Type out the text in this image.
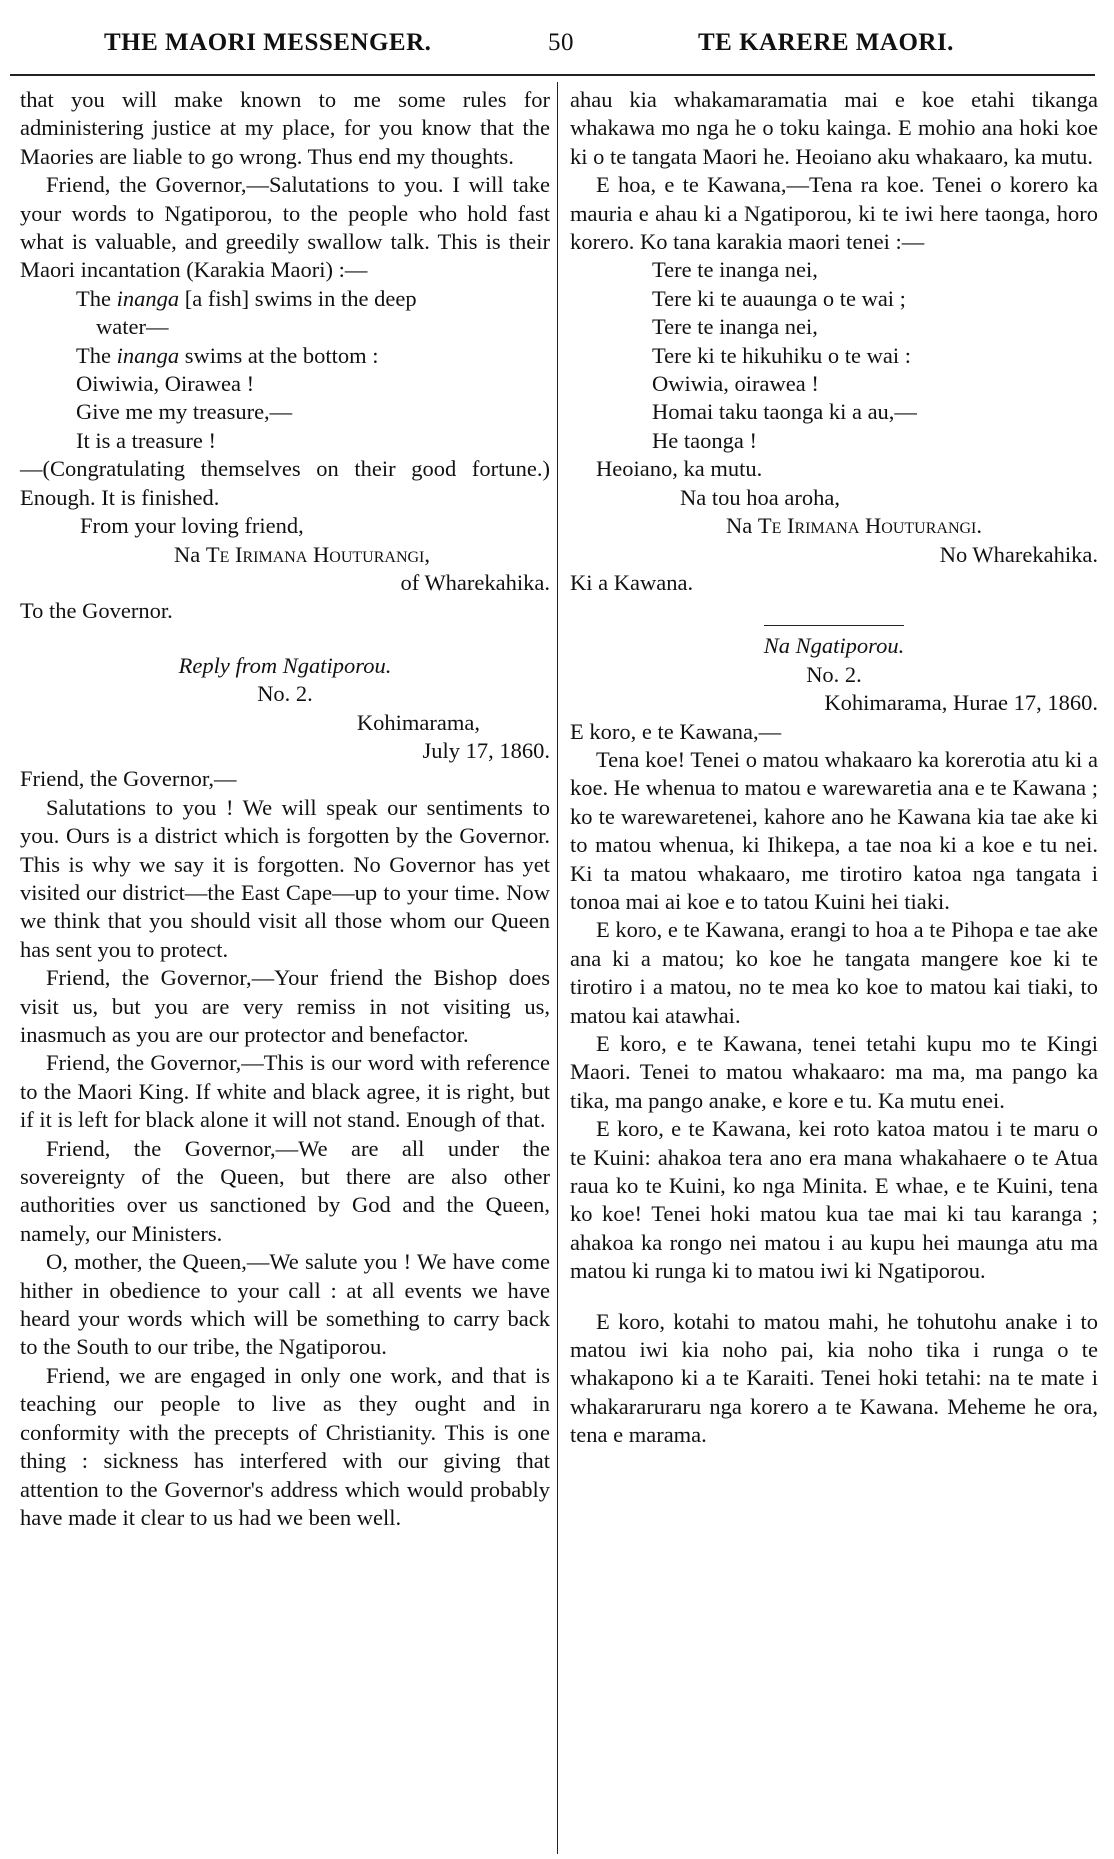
THE MAORI MESSENGER.	50	TE KARERE MAORI.

that you will make known to me some rules for administering justice at my place, for you know that the Maories are liable to go wrong. Thus end my thoughts.

Friend, the Governor,—Salutations to you. I will take your words to Ngatiporou, to the people who hold fast what is valuable, and greedily swallow talk. This is their Maori incantation (Karakia Maori) :—

The inanga [a fish] swims in the deep

water—

The inanga swims at the bottom :

Oiwiwia, Oirawea !

Give me my treasure,—

It is a treasure !

—(Congratulating themselves on their good fortune.) Enough. It is finished.

From your loving friend,

Na Te Irimana Houturangi,

of Wharekahika.

To the Governor.

Reply from Ngatiporou.

No. 2.

Kohimarama,

July 17, 1860.

Friend, the Governor,—

Salutations to you ! We will speak our sentiments to you. Ours is a district which is forgotten by the Governor. This is why we say it is forgotten. No Governor has yet visited our district—the East Cape—up to your time. Now we think that you should visit all those whom our Queen has sent you to protect.

Friend, the Governor,—Your friend the Bishop does visit us, but you are very remiss in not visiting us, inasmuch as you are our protector and benefactor.

Friend, the Governor,—This is our word with reference to the Maori King. If white and black agree, it is right, but if it is left for black alone it will not stand. Enough of that.

Friend, the Governor,—We are all under the sovereignty of the Queen, but there are also other authorities over us sanctioned by God and the Queen, namely, our Ministers.

O, mother, the Queen,—We salute you ! We have come hither in obedience to your call : at all events we have heard your words which will be something to carry back to the South to our tribe, the Ngatiporou.

Friend, we are engaged in only one work, and that is teaching our people to live as they ought and in conformity with the precepts of Christianity. This is one thing : sickness has interfered with our giving that attention to the Governor's address which would probably have made it clear to us had we been well.

ahau kia whakamaramatia mai e koe etahi tikanga whakawa mo nga he o toku kainga. E mohio ana hoki koe ki o te tangata Maori he. Heoiano aku whakaaro, ka mutu.

E hoa, e te Kawana,—Tena ra koe. Tenei o korero ka mauria e ahau ki a Ngatiporou, ki te iwi here taonga, horo korero. Ko tana karakia maori tenei :—

Tere te inanga nei,

Tere ki te auaunga o te wai ;

Tere te inanga nei,

Tere ki te hikuhiku o te wai :

Owiwia, oirawea !

Homai taku taonga ki a au,—

He taonga !

Heoiano, ka mutu.

Na tou hoa aroha,

Na Te Irimana Houturangi.

No Wharekahika.

Ki a Kawana.

Na Ngatiporou.

No. 2.

Kohimarama, Hurae 17, 1860.

E koro, e te Kawana,—

Tena koe! Tenei o matou whakaaro ka korerotia atu ki a koe. He whenua to matou e warewaretia ana e te Kawana ; ko te warewaretenei, kahore ano he Kawana kia tae ake ki to matou whenua, ki Ihikepa, a tae noa ki a koe e tu nei. Ki ta matou whakaaro, me tirotiro katoa nga tangata i tonoa mai ai koe e to tatou Kuini hei tiaki.

E koro, e te Kawana, erangi to hoa a te Pihopa e tae ake ana ki a matou; ko koe he tangata mangere koe ki te tirotiro i a matou, no te mea ko koe to matou kai tiaki, to matou kai atawhai.

E koro, e te Kawana, tenei tetahi kupu mo te Kingi Maori. Tenei to matou whakaaro: ma ma, ma pango ka tika, ma pango anake, e kore e tu. Ka mutu enei.

E koro, e te Kawana, kei roto katoa matou i te maru o te Kuini: ahakoa tera ano era mana whakahaere o te Atua raua ko te Kuini, ko nga Minita. E whae, e te Kuini, tena ko koe! Tenei hoki matou kua tae mai ki tau karanga ; ahakoa ka rongo nei matou i au kupu hei maunga atu ma matou ki runga ki to matou iwi ki Ngatiporou.

E koro, kotahi to matou mahi, he tohutohu anake i to matou iwi kia noho pai, kia noho tika i runga o te whakapono ki a te Karaiti. Tenei hoki tetahi: na te mate i whakararuraru nga korero a te Kawana. Meheme he ora, tena e marama.
